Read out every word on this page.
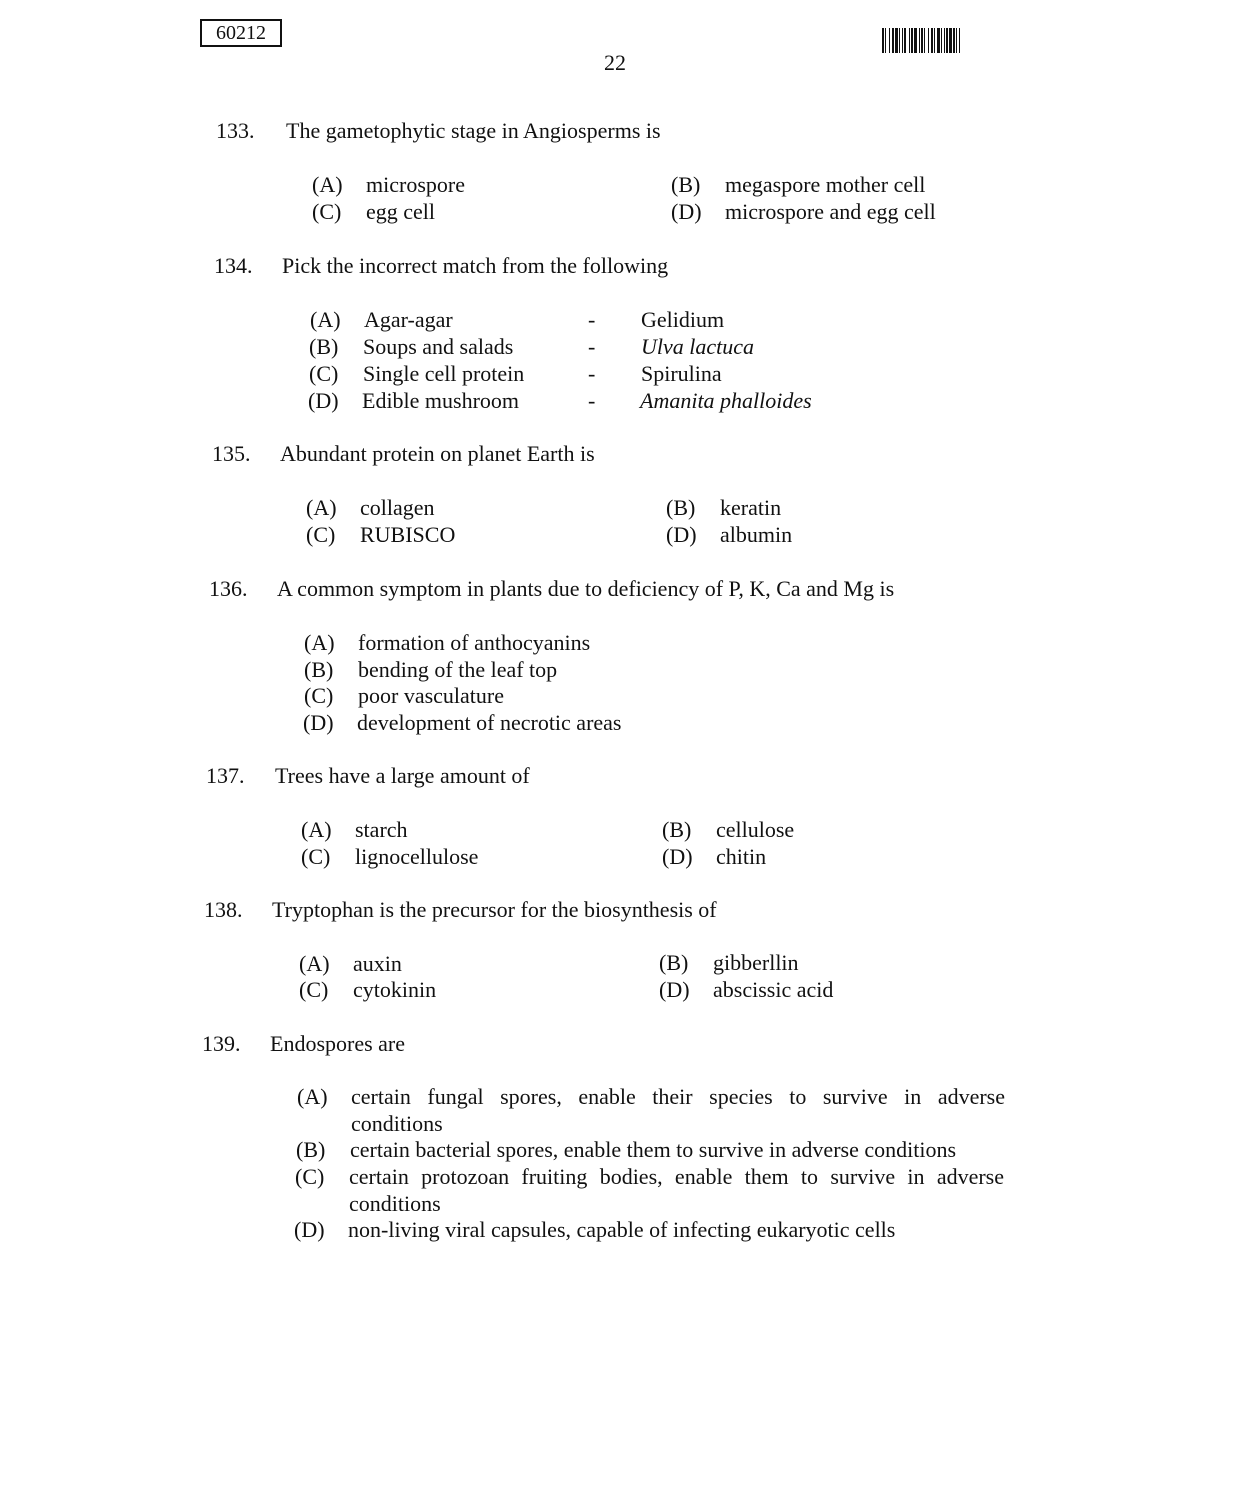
60212
22
133.	The gametophytic stage in Angiosperms is
(A) microspore	(B) megaspore mother cell
(C) egg cell	(D) microspore and egg cell
134.	Pick the incorrect match from the following
(A) Agar-agar	- Gelidium
(B) Soups and salads	- Ulva lactuca
(C) Single cell protein	- Spirulina
(D) Edible mushroom	- Amanita phalloides
135.	Abundant protein on planet Earth is
(A) collagen	(B) keratin
(C) RUBISCO	(D) albumin
136.	A common symptom in plants due to deficiency of P, K, Ca and Mg is
(A) formation of anthocyanins
(B) bending of the leaf top
(C) poor vasculature
(D) development of necrotic areas
137.	Trees have a large amount of
(A) starch	(B) cellulose
(C) lignocellulose	(D) chitin
138.	Tryptophan is the precursor for the biosynthesis of
(A) auxin	(B) gibberllin
(C) cytokinin	(D) abscissic acid
139.	Endospores are
(A) certain fungal spores, enable their species to survive in adverse
conditions
(B) certain bacterial spores, enable them to survive in adverse conditions
(C) certain protozoan fruiting bodies, enable them to survive in adverse
conditions
(D) non-living viral capsules, capable of infecting eukaryotic cells
